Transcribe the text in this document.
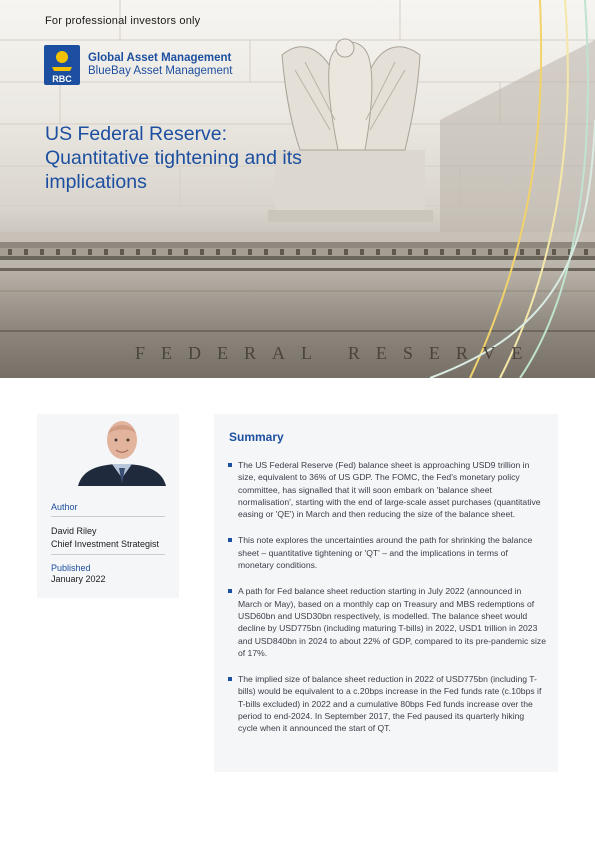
For professional investors only
RBC
Global Asset Management
BlueBay Asset Management
US Federal Reserve: Quantitative tightening and its implications
FEDERAL RESERVE
Author
David Riley
Chief Investment Strategist
Published
January 2022
Summary
The US Federal Reserve (Fed) balance sheet is approaching USD9 trillion in size, equivalent to 36% of US GDP. The FOMC, the Fed's monetary policy committee, has signalled that it will soon embark on 'balance sheet normalisation', starting with the end of large-scale asset purchases (quantitative easing or 'QE') in March and then reducing the size of the balance sheet.
This note explores the uncertainties around the path for shrinking the balance sheet – quantitative tightening or 'QT' – and the implications in terms of monetary conditions.
A path for Fed balance sheet reduction starting in July 2022 (announced in March or May), based on a monthly cap on Treasury and MBS redemptions of USD60bn and USD30bn respectively, is modelled. The balance sheet would decline by USD775bn (including maturing T-bills) in 2022, USD1 trillion in 2023 and USD840bn in 2024 to about 22% of GDP, compared to its pre-pandemic size of 17%.
The implied size of balance sheet reduction in 2022 of USD775bn (including T-bills) would be equivalent to a c.20bps increase in the Fed funds rate (c.10bps if T-bills excluded) in 2022 and a cumulative 80bps Fed funds increase over the period to end-2024. In September 2017, the Fed paused its quarterly hiking cycle when it announced the start of QT.
